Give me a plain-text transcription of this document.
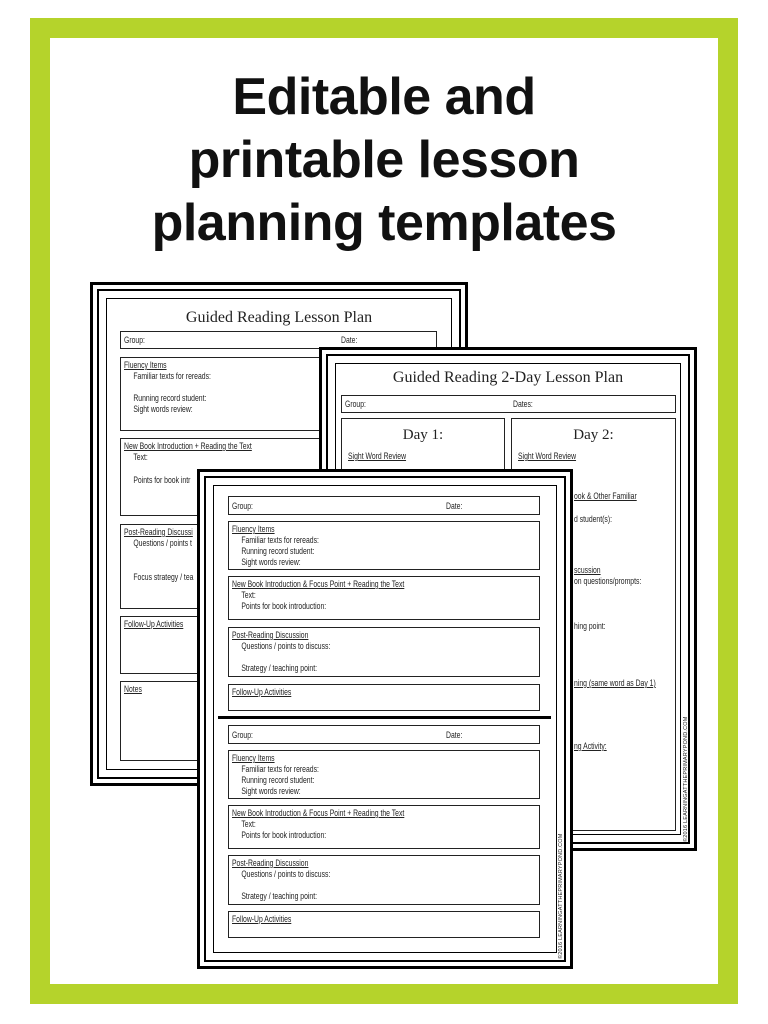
Editable and
printable lesson
planning templates
Guided Reading Lesson Plan
Group:	Date:
Fluency Items
Familiar texts for rereads:
Running record student:
Sight words review:
New Book Introduction + Reading the Text
Text:
Points for book intr
Post-Reading Discussi
Questions / points t
Focus strategy / tea
Follow-Up Activities
Notes
Guided Reading 2-Day Lesson Plan
Group:	Dates:
Day 1:
Sight Word Review
Day 2:
Sight Word Review
ook & Other Familiar
d student(s):
scussion
on questions/prompts:
hing point:
ning (same word as Day 1)
ng Activity:	©2016 LEARNINGATTHEPRIMARYPOND.COM
Group:	Date:
Fluency Items
Familiar texts for rereads:
Running record student:
Sight words review:
New Book Introduction & Focus Point + Reading the Text
Text:
Points for book introduction:
Post-Reading Discussion
Questions / points to discuss:
Strategy / teaching point:
Follow-Up Activities
Group:	Date:
Fluency Items
Familiar texts for rereads:
Running record student:
Sight words review:
New Book Introduction & Focus Point + Reading the Text
Text:
Points for book introduction:
Post-Reading Discussion
Questions / points to discuss:
Strategy / teaching point:
Follow-Up Activities	©2016 LEARNINGATTHEPRIMARYPOND.COM
